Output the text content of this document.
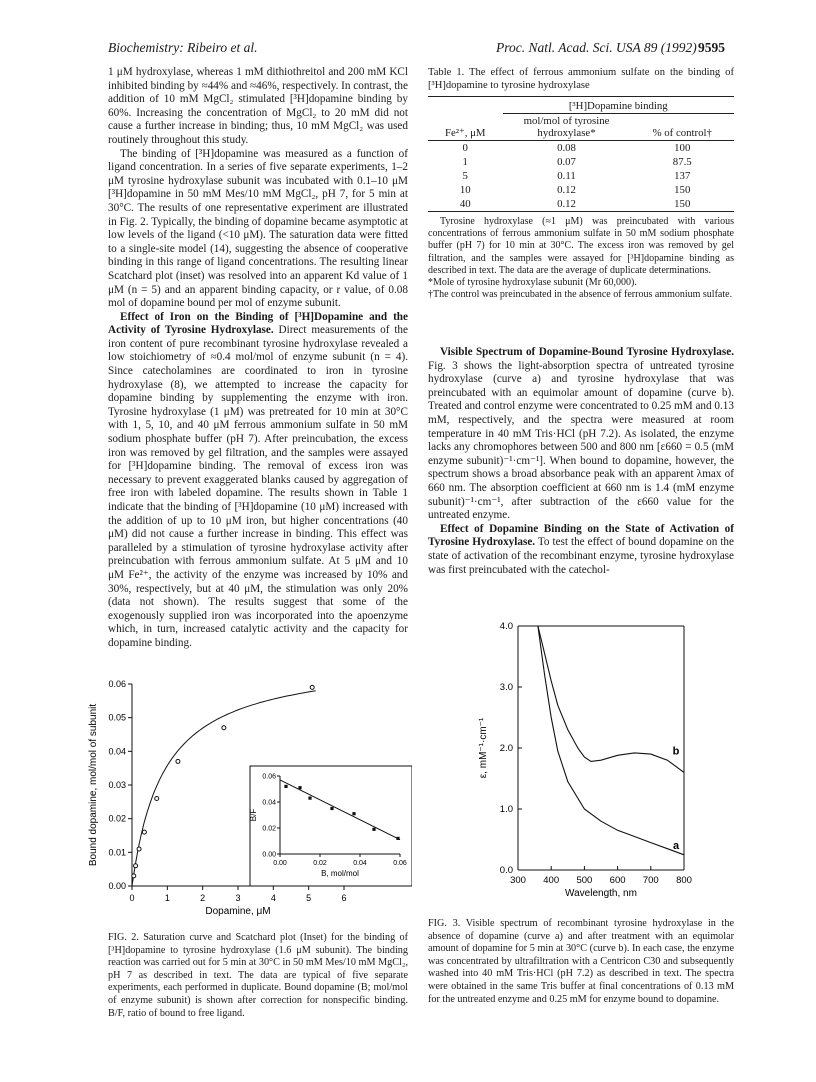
Biochemistry: Ribeiro et al.	Proc. Natl. Acad. Sci. USA 89 (1992) 9595

1 μM hydroxylase, whereas 1 mM dithiothreitol and 200 mM KCl inhibited binding by ≈44% and ≈46%, respectively. In contrast, the addition of 10 mM MgCl₂ stimulated [³H]dopamine binding by 60%. Increasing the concentration of MgCl₂ to 20 mM did not cause a further increase in binding; thus, 10 mM MgCl₂ was used routinely throughout this study.

The binding of [³H]dopamine was measured as a function of ligand concentration. In a series of five separate experiments, 1–2 μM tyrosine hydroxylase subunit was incubated with 0.1–10 μM [³H]dopamine in 50 mM Mes/10 mM MgCl₂, pH 7, for 5 min at 30°C. The results of one representative experiment are illustrated in Fig. 2. Typically, the binding of dopamine became asymptotic at low levels of the ligand (<10 μM). The saturation data were fitted to a single-site model (14), suggesting the absence of cooperative binding in this range of ligand concentrations. The resulting linear Scatchard plot (inset) was resolved into an apparent Kd value of 1 μM (n = 5) and an apparent binding capacity, or r value, of 0.08 mol of dopamine bound per mol of enzyme subunit.

Effect of Iron on the Binding of [³H]Dopamine and the Activity of Tyrosine Hydroxylase. Direct measurements of the iron content of pure recombinant tyrosine hydroxylase revealed a low stoichiometry of ≈0.4 mol/mol of enzyme subunit (n = 4). Since catecholamines are coordinated to iron in tyrosine hydroxylase (8), we attempted to increase the capacity for dopamine binding by supplementing the enzyme with iron. Tyrosine hydroxylase (1 μM) was pretreated for 10 min at 30°C with 1, 5, 10, and 40 μM ferrous ammonium sulfate in 50 mM sodium phosphate buffer (pH 7). After preincubation, the excess iron was removed by gel filtration, and the samples were assayed for [³H]dopamine binding. The removal of excess iron was necessary to prevent exaggerated blanks caused by aggregation of free iron with labeled dopamine. The results shown in Table 1 indicate that the binding of [³H]dopamine (10 μM) increased with the addition of up to 10 μM iron, but higher concentrations (40 μM) did not cause a further increase in binding. This effect was paralleled by a stimulation of tyrosine hydroxylase activity after preincubation with ferrous ammonium sulfate. At 5 μM and 10 μM Fe²⁺, the activity of the enzyme was increased by 10% and 30%, respectively, but at 40 μM, the stimulation was only 20% (data not shown). The results suggest that some of the exogenously supplied iron was incorporated into the apoenzyme which, in turn, increased catalytic activity and the capacity for dopamine binding.

0	1	2	3	4	5	6
0.00
0.01
0.02
0.03
0.04
0.05
0.06
Dopamine, μM
Bound dopamine, mol/mol of subunit	0.00	0.02	0.04	0.06
0.00
0.02
0.04
0.06
B, mol/mol
B/F
FIG. 2. Saturation curve and Scatchard plot (Inset) for the binding of [³H]dopamine to tyrosine hydroxylase (1.6 μM subunit). The binding reaction was carried out for 5 min at 30°C in 50 mM Mes/10 mM MgCl₂, pH 7 as described in text. The data are typical of five separate experiments, each performed in duplicate. Bound dopamine (B; mol/mol of enzyme subunit) is shown after correction for nonspecific binding. B/F, ratio of bound to free ligand.
Table 1. The effect of ferrous ammonium sulfate on the binding of [³H]dopamine to tyrosine hydroxylase
	[³H]Dopamine binding	
Fe²⁺, μM	mol/mol of tyrosine hydroxylase*	% of control†
0	0.08	100
1	0.07	87.5
5	0.11	137
10	0.12	150
40	0.12	150

Tyrosine hydroxylase (≈1 μM) was preincubated with various concentrations of ferrous ammonium sulfate in 50 mM sodium phosphate buffer (pH 7) for 10 min at 30°C. The excess iron was removed by gel filtration, and the samples were assayed for [³H]dopamine binding as described in text. The data are the average of duplicate determinations.

*Mole of tyrosine hydroxylase subunit (Mr 60,000).

†The control was preincubated in the absence of ferrous ammonium sulfate.

Visible Spectrum of Dopamine-Bound Tyrosine Hydroxylase. Fig. 3 shows the light-absorption spectra of untreated tyrosine hydroxylase (curve a) and tyrosine hydroxylase that was preincubated with an equimolar amount of dopamine (curve b). Treated and control enzyme were concentrated to 0.25 mM and 0.13 mM, respectively, and the spectra were measured at room temperature in 40 mM Tris·HCl (pH 7.2). As isolated, the enzyme lacks any chromophores between 500 and 800 nm [ε660 = 0.5 (mM enzyme subunit)⁻¹·cm⁻¹]. When bound to dopamine, however, the spectrum shows a broad absorbance peak with an apparent λmax of 660 nm. The absorption coefficient at 660 nm is 1.4 (mM enzyme subunit)⁻¹·cm⁻¹, after subtraction of the ε660 value for the untreated enzyme.

Effect of Dopamine Binding on the State of Activation of Tyrosine Hydroxylase. To test the effect of bound dopamine on the state of activation of the recombinant enzyme, tyrosine hydroxylase was first preincubated with the catechol-

300 400 500 600 700 800
0.0
1.0
2.0
3.0
4.0
Wavelength, nm
ε, mM⁻¹·cm⁻¹
a
b
FIG. 3. Visible spectrum of recombinant tyrosine hydroxylase in the absence of dopamine (curve a) and after treatment with an equimolar amount of dopamine for 5 min at 30°C (curve b). In each case, the enzyme was concentrated by ultrafiltration with a Centricon C30 and subsequently washed into 40 mM Tris·HCl (pH 7.2) as described in text. The spectra were obtained in the same Tris buffer at final concentrations of 0.13 mM for the untreated enzyme and 0.25 mM for enzyme bound to dopamine.
